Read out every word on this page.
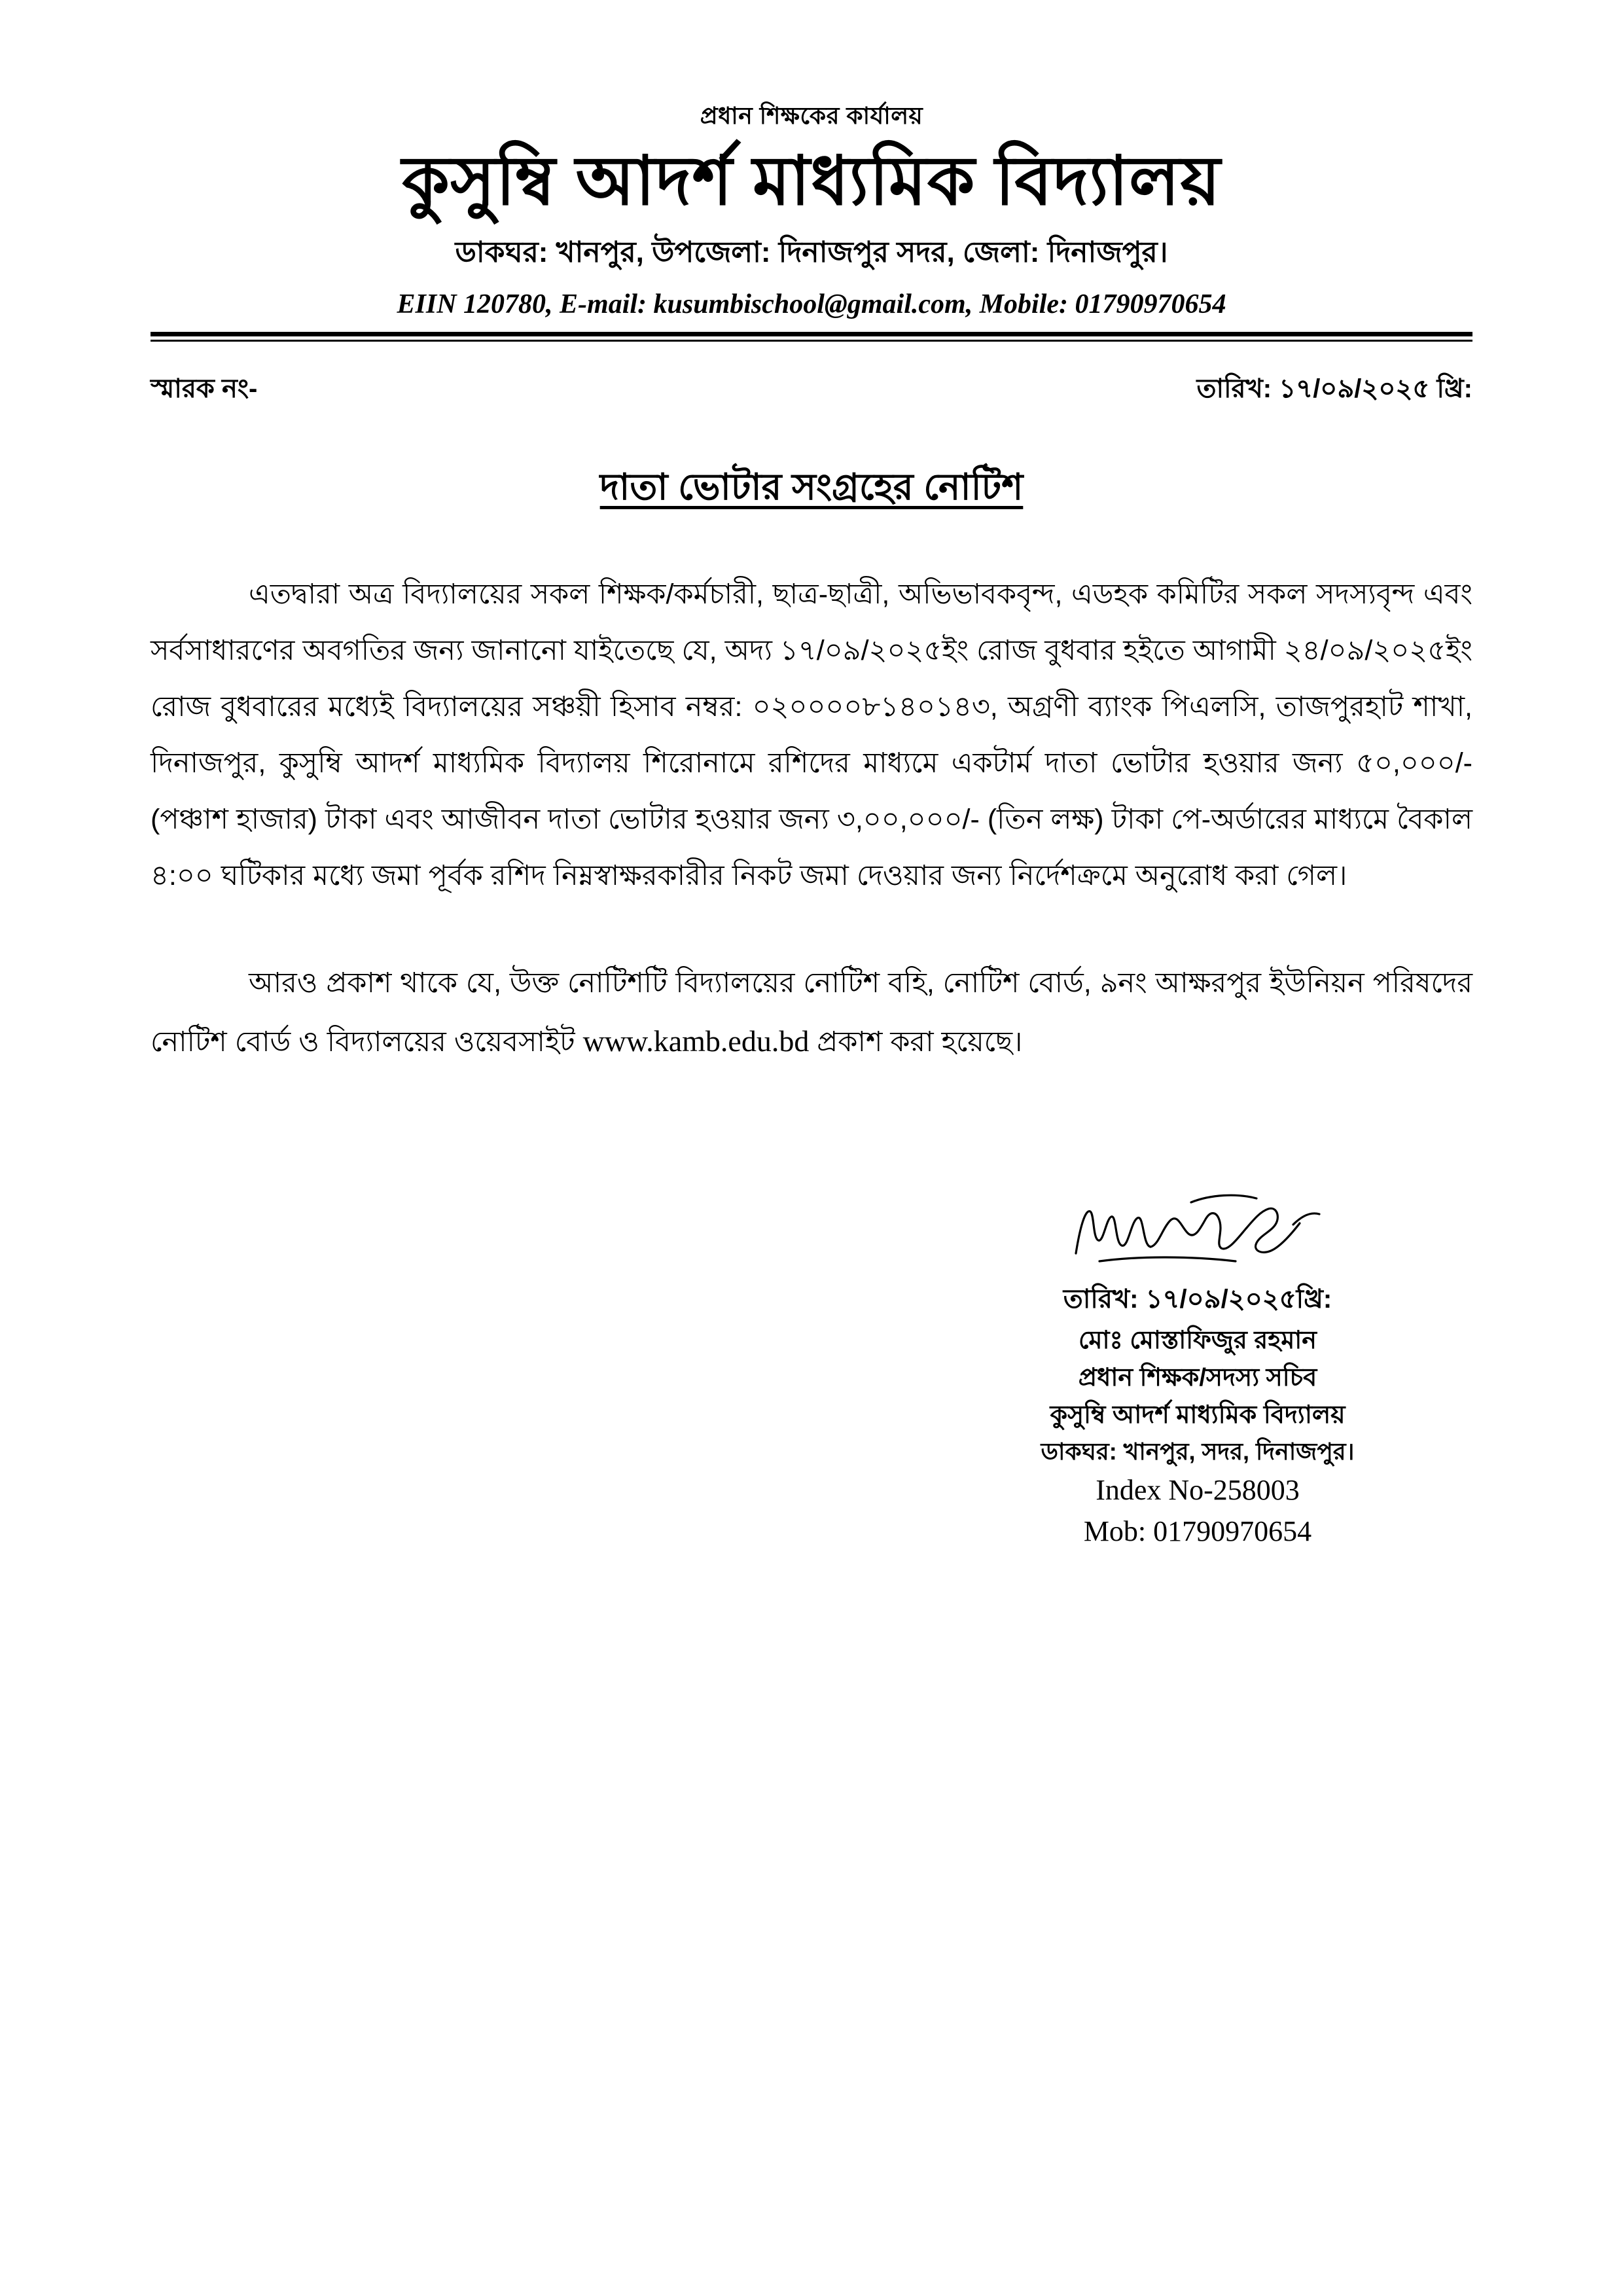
প্রধান শিক্ষকের কার্যালয়
কুসুম্বি আদর্শ মাধ্যমিক বিদ্যালয়
ডাকঘর: খানপুর, উপজেলা: দিনাজপুর সদর, জেলা: দিনাজপুর।
EIIN 120780, E-mail: kusumbischool@gmail.com, Mobile: 01790970654
স্মারক নং-	তারিখ: ১৭/০৯/২০২৫ খ্রি:
দাতা ভোটার সংগ্রহের নোটিশ

এতদ্বারা অত্র বিদ্যালয়ের সকল শিক্ষক/কর্মচারী, ছাত্র-ছাত্রী, অভিভাবকবৃন্দ, এডহক কমিটির সকল সদস্যবৃন্দ এবং সর্বসাধারণের অবগতির জন্য জানানো যাইতেছে যে, অদ্য ১৭/০৯/২০২৫ইং রোজ বুধবার হইতে আগামী ২৪/০৯/২০২৫ইং রোজ বুধবারের মধ্যেই বিদ্যালয়ের সঞ্চয়ী হিসাব নম্বর: ০২০০০০৮১৪০১৪৩, অগ্রণী ব্যাংক পিএলসি, তাজপুরহাট শাখা, দিনাজপুর, কুসুম্বি আদর্শ মাধ্যমিক বিদ্যালয় শিরোনামে রশিদের মাধ্যমে একটার্ম দাতা ভোটার হওয়ার জন্য ৫০,০০০/- (পঞ্চাশ হাজার) টাকা এবং আজীবন দাতা ভোটার হওয়ার জন্য ৩,০০,০০০/- (তিন লক্ষ) টাকা পে-অর্ডারের মাধ্যমে বৈকাল ৪:০০ ঘটিকার মধ্যে জমা পূর্বক রশিদ নিম্নস্বাক্ষরকারীর নিকট জমা দেওয়ার জন্য নির্দেশক্রমে অনুরোধ করা গেল।

আরও প্রকাশ থাকে যে, উক্ত নোটিশটি বিদ্যালয়ের নোটিশ বহি, নোটিশ বোর্ড, ৯নং আক্ষরপুর ইউনিয়ন পরিষদের নোটিশ বোর্ড ও বিদ্যালয়ের ওয়েবসাইট www.kamb.edu.bd প্রকাশ করা হয়েছে।

তারিখ: ১৭/০৯/২০২৫খ্রি:
মোঃ মোস্তাফিজুর রহমান
প্রধান শিক্ষক/সদস্য সচিব
কুসুম্বি আদর্শ মাধ্যমিক বিদ্যালয়
ডাকঘর: খানপুর, সদর, দিনাজপুর।
Index No-258003
Mob: 01790970654
